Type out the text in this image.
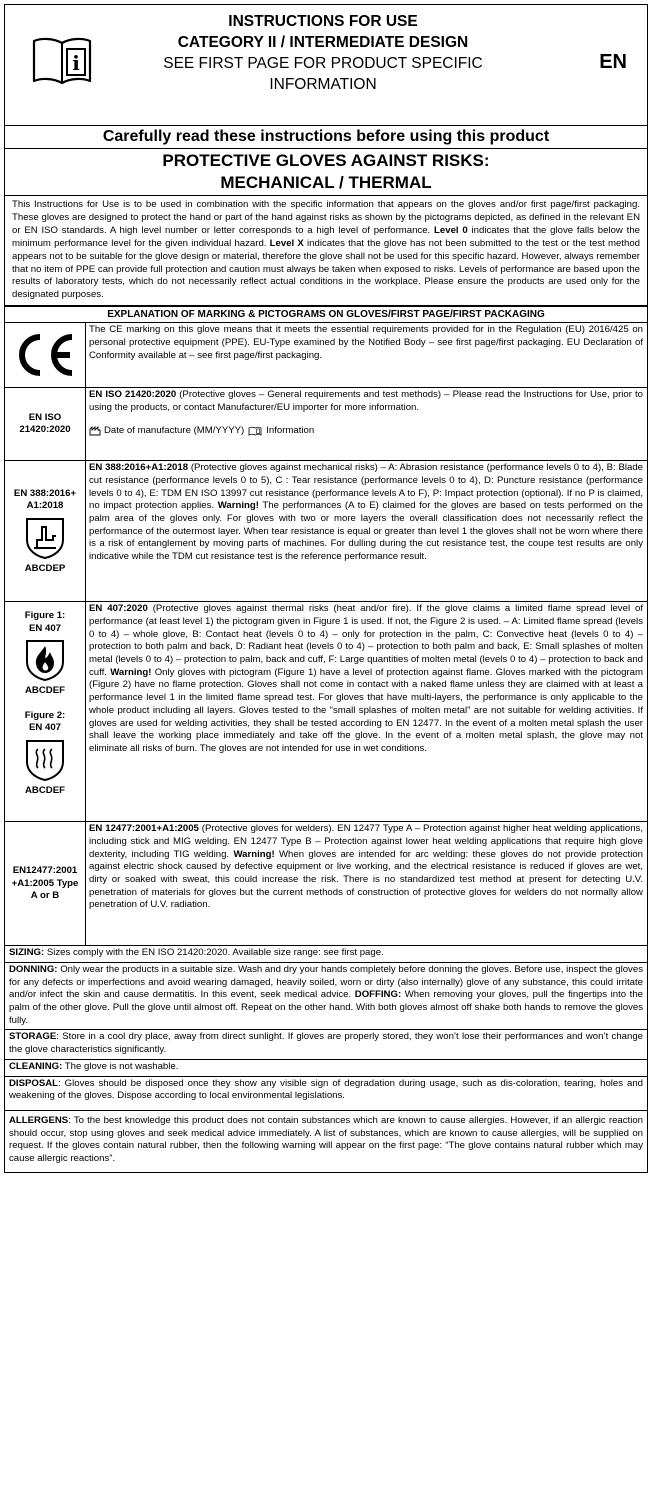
i
INSTRUCTIONS FOR USE
CATEGORY II / INTERMEDIATE DESIGN
SEE FIRST PAGE FOR PRODUCT SPECIFIC
INFORMATION
EN
Carefully read these instructions before using this product
PROTECTIVE GLOVES AGAINST RISKS:
MECHANICAL / THERMAL
This Instructions for Use is to be used in combination with the specific information that appears on the gloves and/or first page/first packaging. These gloves are designed to protect the hand or part of the hand against risks as shown by the pictograms depicted, as defined in the relevant EN or EN ISO standards. A high level number or letter corresponds to a high level of performance. Level 0 indicates that the glove falls below the minimum performance level for the given individual hazard. Level X indicates that the glove has not been submitted to the test or the test method appears not to be suitable for the glove design or material, therefore the glove shall not be used for this specific hazard. However, always remember that no item of PPE can provide full protection and caution must always be taken when exposed to risks. Levels of performance are based upon the results of laboratory tests, which do not necessarily reflect actual conditions in the workplace. Please ensure the products are used only for the designated purposes.
EXPLANATION OF MARKING & PICTOGRAMS ON GLOVES/FIRST PAGE/FIRST PACKAGING
The CE marking on this glove means that it meets the essential requirements provided for in the Regulation (EU) 2016/425 on personal protective equipment (PPE). EU-Type examined by the Notified Body – see first page/first packaging. EU Declaration of Conformity available at – see first page/first packaging.
EN ISO
21420:2020
EN ISO 21420:2020 (Protective gloves – General requirements and test methods) – Please read the Instructions for Use, prior to using the products, or contact Manufacturer/EU importer for more information.
Date of manufacture (MM/YYYY) Information
EN 388:2016+
A1:2018
ABCDEP
EN 388:2016+A1:2018 (Protective gloves against mechanical risks) – A: Abrasion resistance (performance levels 0 to 4), B: Blade cut resistance (performance levels 0 to 5), C : Tear resistance (performance levels 0 to 4), D: Puncture resistance (performance levels 0 to 4), E: TDM EN ISO 13997 cut resistance (performance levels A to F), P: Impact protection (optional). If no P is claimed, no impact protection applies. Warning! The performances (A to E) claimed for the gloves are based on tests performed on the palm area of the gloves only. For gloves with two or more layers the overall classification does not necessarily reflect the performance of the outermost layer. When tear resistance is equal or greater than level 1 the gloves shall not be worn where there is a risk of entanglement by moving parts of machines. For dulling during the cut resistance test, the coupe test results are only indicative while the TDM cut resistance test is the reference performance result.
Figure 1:
EN 407
ABCDEF
Figure 2:
EN 407
ABCDEF
EN 407:2020 (Protective gloves against thermal risks (heat and/or fire). If the glove claims a limited flame spread level of performance (at least level 1) the pictogram given in Figure 1 is used. If not, the Figure 2 is used. – A: Limited flame spread (levels 0 to 4) – whole glove, B: Contact heat (levels 0 to 4) – only for protection in the palm, C: Convective heat (levels 0 to 4) – protection to both palm and back, D: Radiant heat (levels 0 to 4) – protection to both palm and back, E: Small splashes of molten metal (levels 0 to 4) – protection to palm, back and cuff, F: Large quantities of molten metal (levels 0 to 4) – protection to back and cuff. Warning! Only gloves with pictogram (Figure 1) have a level of protection against flame. Gloves marked with the pictogram (Figure 2) have no flame protection. Gloves shall not come in contact with a naked flame unless they are claimed with at least a performance level 1 in the limited flame spread test. For gloves that have multi-layers, the performance is only applicable to the whole product including all layers. Gloves tested to the “small splashes of molten metal” are not suitable for welding activities. If gloves are used for welding activities, they shall be tested according to EN 12477. In the event of a molten metal splash the user shall leave the working place immediately and take off the glove. In the event of a molten metal splash, the glove may not eliminate all risks of burn. The gloves are not intended for use in wet conditions.
EN12477:2001
+A1:2005 Type
A or B
EN 12477:2001+A1:2005 (Protective gloves for welders). EN 12477 Type A – Protection against higher heat welding applications, including stick and MIG welding. EN 12477 Type B – Protection against lower heat welding applications that require high glove dexterity, including TIG welding. Warning! When gloves are intended for arc welding: these gloves do not provide protection against electric shock caused by defective equipment or live working, and the electrical resistance is reduced if gloves are wet, dirty or soaked with sweat, this could increase the risk. There is no standardized test method at present for detecting U.V. penetration of materials for gloves but the current methods of construction of protective gloves for welders do not normally allow penetration of U.V. radiation.
SIZING: Sizes comply with the EN ISO 21420:2020. Available size range: see first page.
DONNING: Only wear the products in a suitable size. Wash and dry your hands completely before donning the gloves. Before use, inspect the gloves for any defects or imperfections and avoid wearing damaged, heavily soiled, worn or dirty (also internally) glove of any substance, this could irritate and/or infect the skin and cause dermatitis. In this event, seek medical advice. DOFFING: When removing your gloves, pull the fingertips into the palm of the other glove. Pull the glove until almost off. Repeat on the other hand. With both gloves almost off shake both hands to remove the gloves fully.
STORAGE: Store in a cool dry place, away from direct sunlight. If gloves are properly stored, they won’t lose their performances and won’t change the glove characteristics significantly.
CLEANING: The glove is not washable.
DISPOSAL: Gloves should be disposed once they show any visible sign of degradation during usage, such as dis-coloration, tearing, holes and weakening of the gloves. Dispose according to local environmental legislations.
ALLERGENS: To the best knowledge this product does not contain substances which are known to cause allergies. However, if an allergic reaction should occur, stop using gloves and seek medical advice immediately. A list of substances, which are known to cause allergies, will be supplied on request. If the gloves contain natural rubber, then the following warning will appear on the first page: “The glove contains natural rubber which may cause allergic reactions”.
